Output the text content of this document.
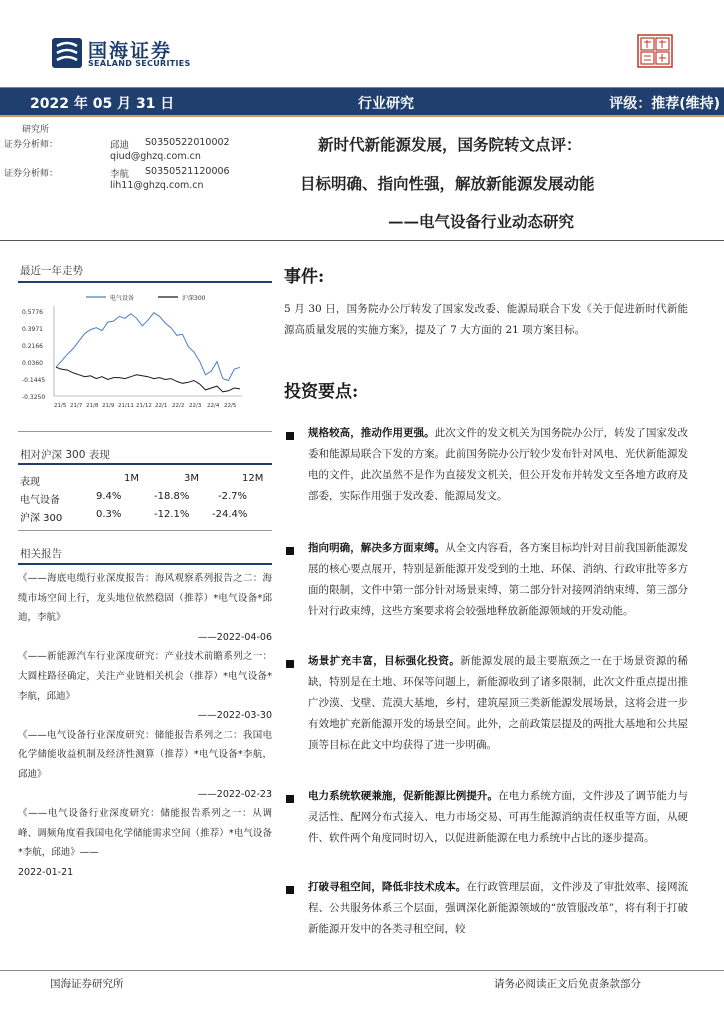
国海证券
SEALAND SECURITIES
2022 年 05 月 31 日	行业研究	评级：推荐(维持)
研究所
证券分析师：	邱迪 S0350522010002
qiud@ghzq.com.cn
证券分析师：	李航 S0350521120006
lih11@ghzq.com.cn
新时代新能源发展，国务院转文点评：
目标明确、指向性强，解放新能源发展动能
——电气设备行业动态研究
最近一年走势
电气设备	沪深300
0.5776
0.3971
0.2166
0.0360
-0.1445
-0.3250
21/5 21/7 21/8 21/9 21/11 21/12 22/1 22/2 22/3 22/4 22/5
相对沪深 300 表现
表现	1M	3M	12M
电气设备	9.4%	-18.8%	-2.7%
沪深 300	0.3%	-12.1% -24.4%
相关报告

《——海底电缆行业深度报告：海风观察系列报告之二：海缆市场空间上行，龙头地位依然稳固（推荐）*电气设备*邱迪，李航》

——2022-04-06

《——新能源汽车行业深度研究：产业技术前瞻系列之一：大圆柱路径确定，关注产业链相关机会（推荐）*电气设备*李航，邱迪》

——2022-03-30

《——电气设备行业深度研究：储能报告系列之二：我国电化学储能收益机制及经济性测算（推荐）*电气设备*李航，邱迪》

——2022-02-23

《——电气设备行业深度研究：储能报告系列之一：从调峰、调频角度看我国电化学储能需求空间（推荐）*电气设备*李航，邱迪》——

2022-01-21

事件:
5 月 30 日，国务院办公厅转发了国家发改委、能源局联合下发《关于促进新时代新能源高质量发展的实施方案》，提及了 7 大方面的 21 项方案目标。
投资要点:
规格较高，推动作用更强。此次文件的发文机关为国务院办公厅，转发了国家发改委和能源局联合下发的方案。此前国务院办公厅较少发布针对风电、光伏新能源发电的文件，此次虽然不是作为直接发文机关，但公开发布并转发文至各地方政府及部委，实际作用强于发改委、能源局发文。
指向明确，解决多方面束缚。从全文内容看，各方案目标均针对目前我国新能源发展的核心要点展开，特别是新能源开发受到的土地、环保、消纳、行政审批等多方面的限制，文件中第一部分针对场景束缚、第二部分针对接网消纳束缚、第三部分针对行政束缚，这些方案要求将会较强地释放新能源领域的开发动能。
场景扩充丰富，目标强化投资。新能源发展的最主要瓶颈之一在于场景资源的稀缺，特别是在土地、环保等问题上，新能源收到了诸多限制，此次文件重点提出推广沙漠、戈壁、荒漠大基地，乡村，建筑屋顶三类新能源发展场景，这将会进一步有效地扩充新能源开发的场景空间。此外，之前政策层提及的两批大基地和公共屋顶等目标在此文中均获得了进一步明确。
电力系统软硬兼施，促新能源比例提升。在电力系统方面，文件涉及了调节能力与灵活性、配网分布式接入、电力市场交易、可再生能源消纳责任权重等方面，从硬件、软件两个角度同时切入，以促进新能源在电力系统中占比的逐步提高。
打破寻租空间，降低非技术成本。在行政管理层面，文件涉及了审批效率、接网流程、公共服务体系三个层面，强调深化新能源领域的“放管服改革”，将有利于打破新能源开发中的各类寻租空间，较
国海证券研究所	请务必阅读正文后免责条款部分
